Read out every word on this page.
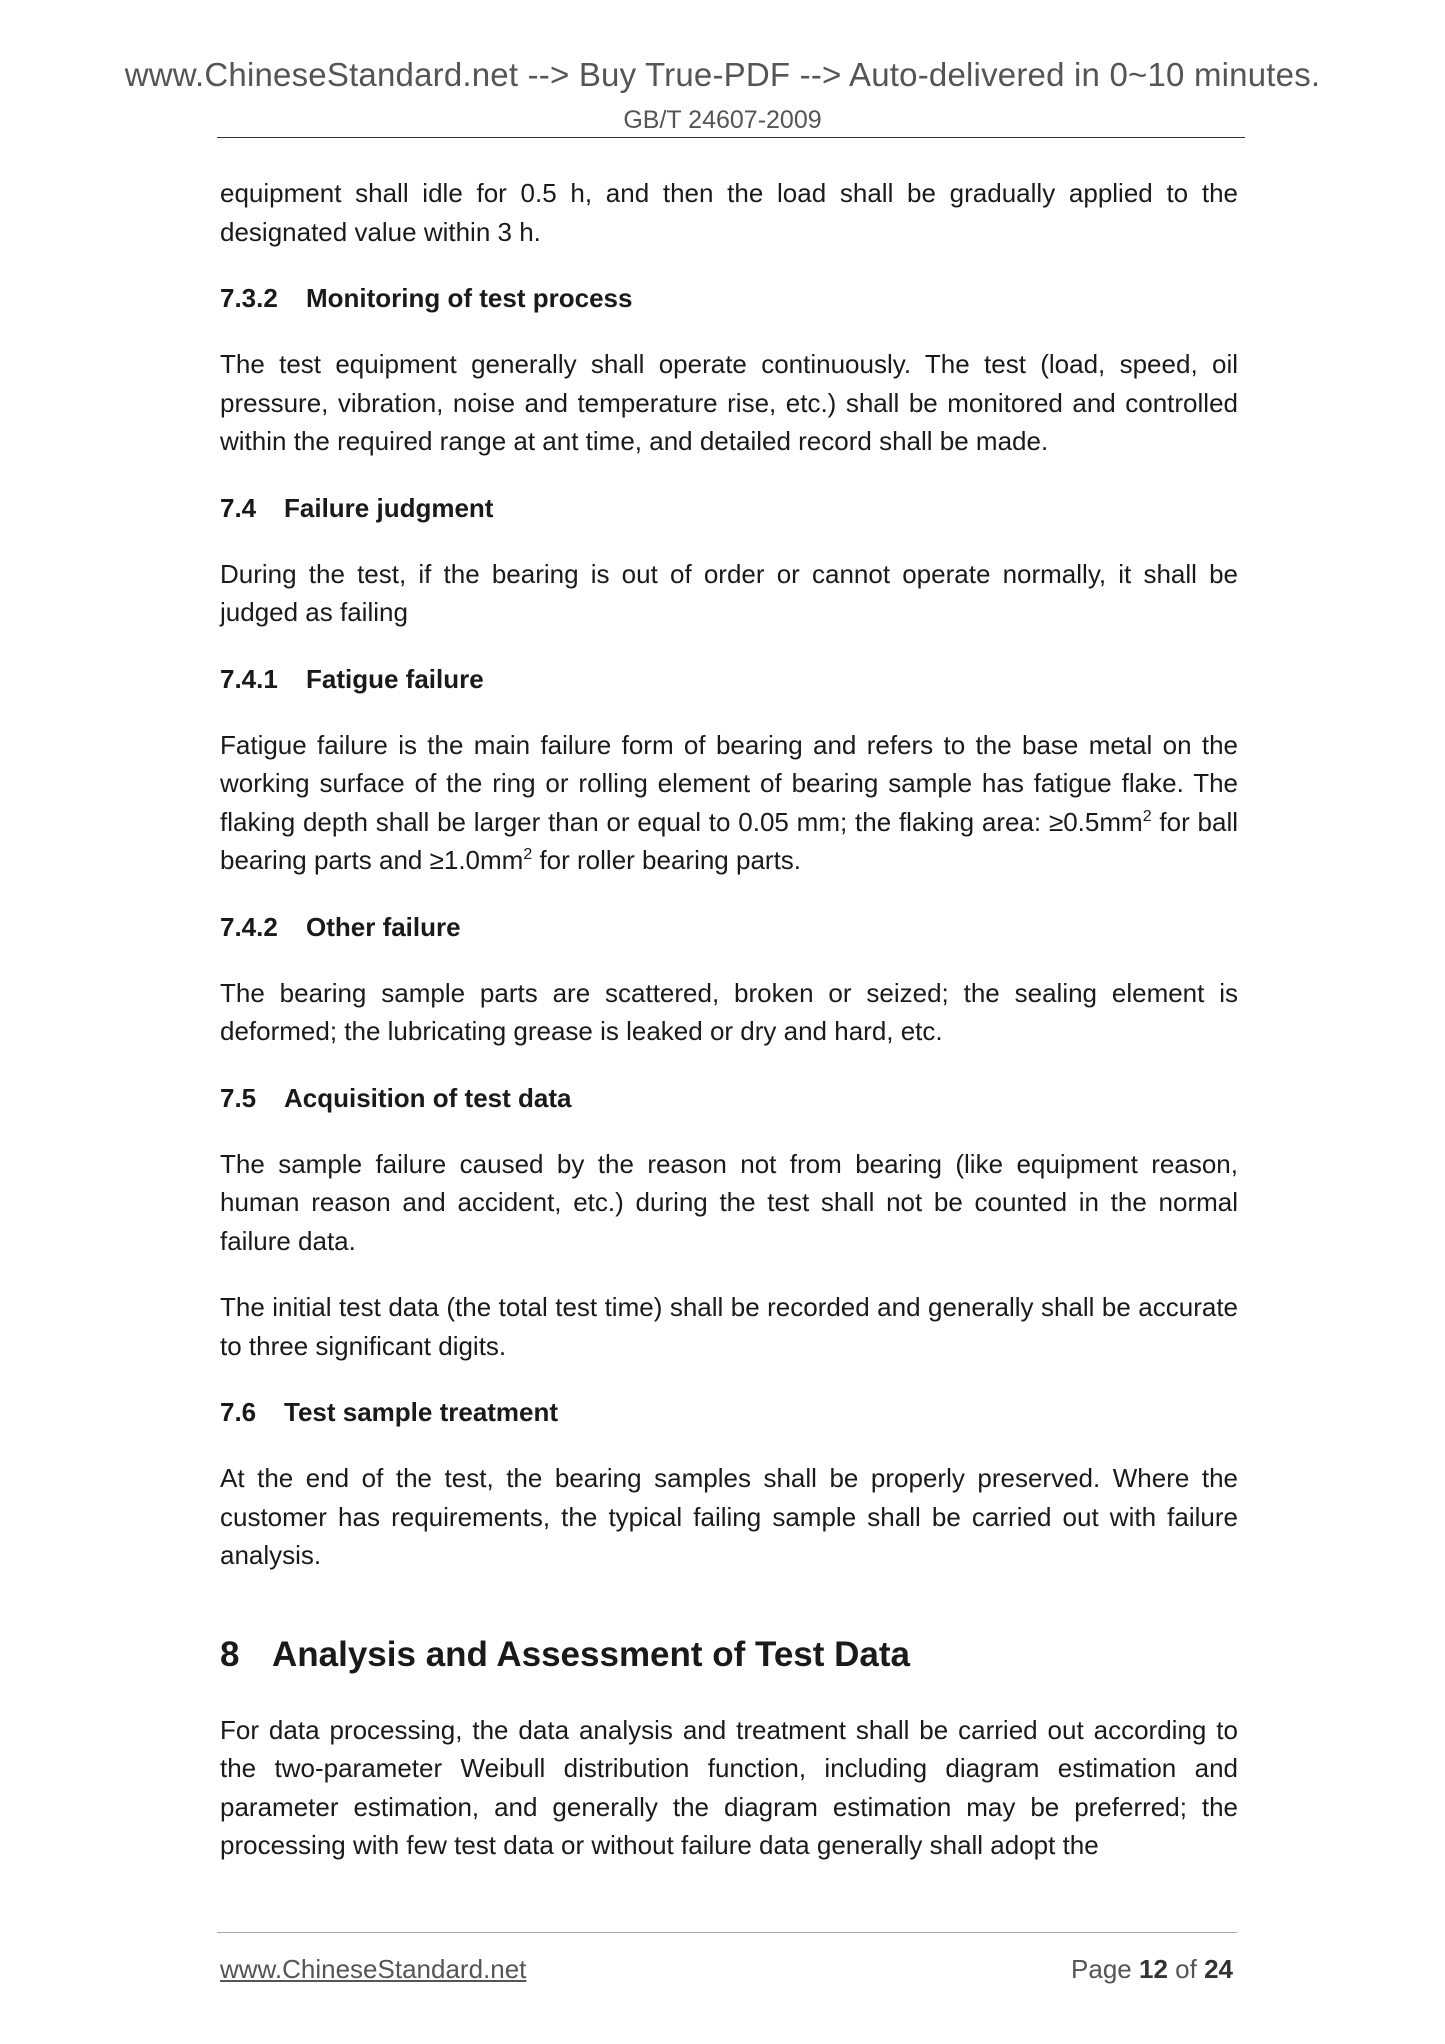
www.ChineseStandard.net --> Buy True-PDF --> Auto-delivered in 0~10 minutes.
GB/T 24607-2009

equipment shall idle for 0.5 h, and then the load shall be gradually applied to the designated value within 3 h.

7.3.2 Monitoring of test process

The test equipment generally shall operate continuously. The test (load, speed, oil pressure, vibration, noise and temperature rise, etc.) shall be monitored and controlled within the required range at ant time, and detailed record shall be made.

7.4 Failure judgment

During the test, if the bearing is out of order or cannot operate normally, it shall be judged as failing

7.4.1 Fatigue failure

Fatigue failure is the main failure form of bearing and refers to the base metal on the working surface of the ring or rolling element of bearing sample has fatigue flake. The flaking depth shall be larger than or equal to 0.05 mm; the flaking area: $\ge 0.5mm^2$ for ball bearing parts and $\ge 1.0mm^2$ for roller bearing parts.

7.4.2 Other failure

The bearing sample parts are scattered, broken or seized; the sealing element is deformed; the lubricating grease is leaked or dry and hard, etc.

7.5 Acquisition of test data

The sample failure caused by the reason not from bearing (like equipment reason, human reason and accident, etc.) during the test shall not be counted in the normal failure data.

The initial test data (the total test time) shall be recorded and generally shall be accurate to three significant digits.

7.6 Test sample treatment

At the end of the test, the bearing samples shall be properly preserved. Where the customer has requirements, the typical failing sample shall be carried out with failure analysis.

8 Analysis and Assessment of Test Data

For data processing, the data analysis and treatment shall be carried out according to the two-parameter Weibull distribution function, including diagram estimation and parameter estimation, and generally the diagram estimation may be preferred; the processing with few test data or without failure data generally shall adopt the

www.ChineseStandard.net	Page 12 of 24
